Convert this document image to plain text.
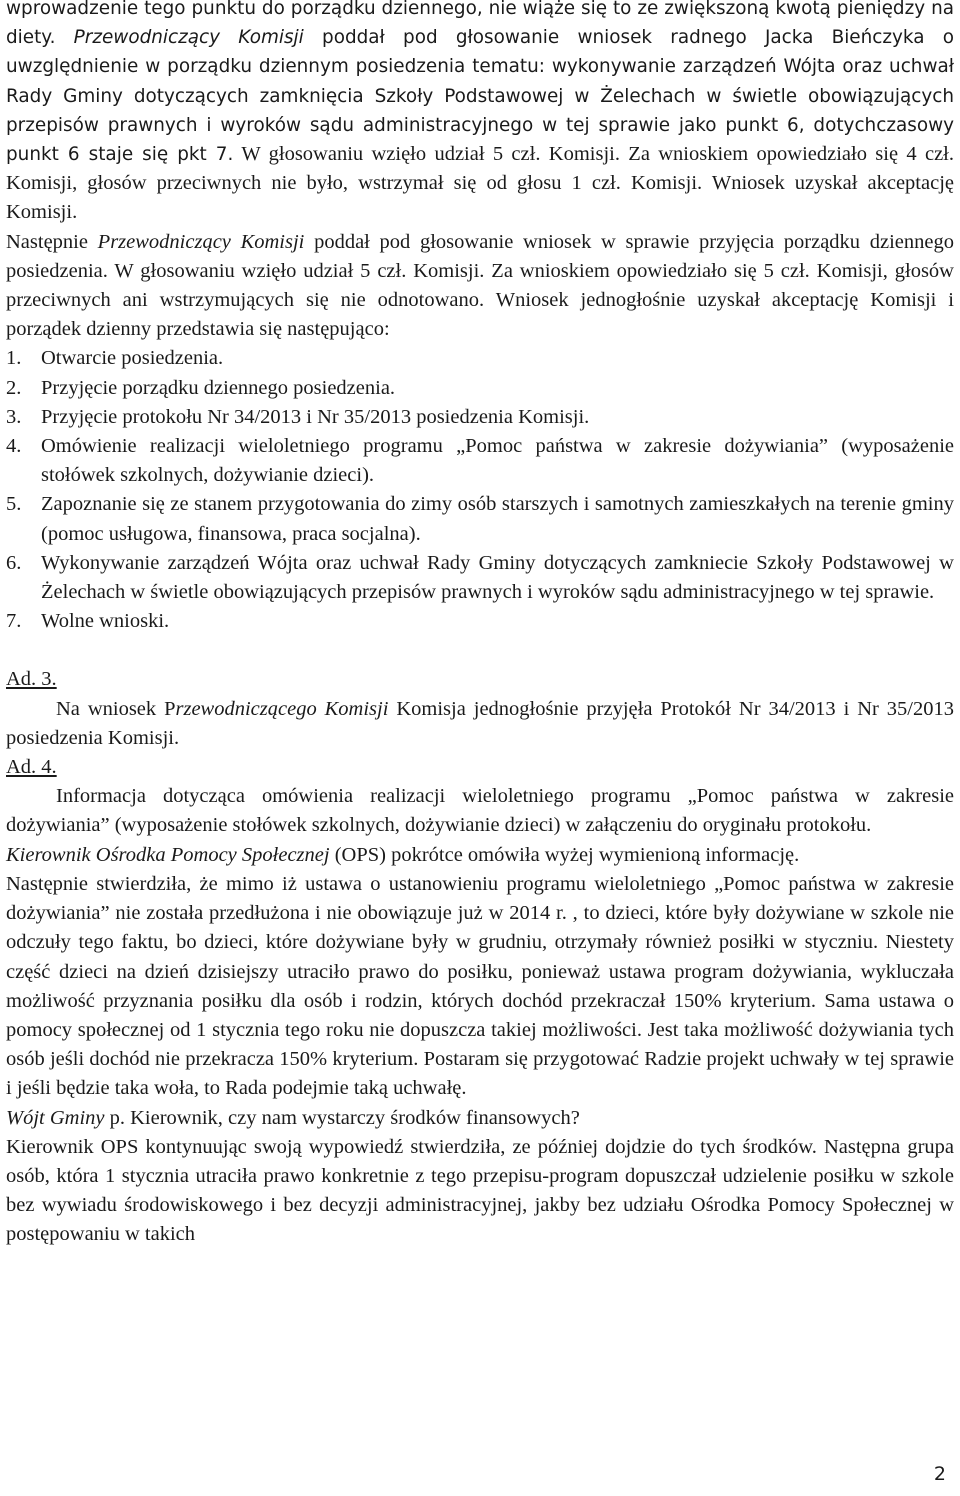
wprowadzenie tego punktu do porządku dziennego, nie wiąże się to ze zwiększoną kwotą pieniędzy na diety. Przewodniczący Komisji poddał pod głosowanie wniosek radnego Jacka Bieńczyka o uwzględnienie w porządku dziennym posiedzenia tematu: wykonywanie zarządzeń Wójta oraz uchwał Rady Gminy dotyczących zamknięcia Szkoły Podstawowej w Żelechach w świetle obowiązujących przepisów prawnych i wyroków sądu administracyjnego w tej sprawie jako punkt 6, dotychczasowy punkt 6 staje się pkt 7. W głosowaniu wzięło udział 5 czł. Komisji. Za wnioskiem opowiedziało się 4 czł. Komisji, głosów przeciwnych nie było, wstrzymał się od głosu 1 czł. Komisji. Wniosek uzyskał akceptację Komisji.

Następnie Przewodniczący Komisji poddał pod głosowanie wniosek w sprawie przyjęcia porządku dziennego posiedzenia. W głosowaniu wzięło udział 5 czł. Komisji. Za wnioskiem opowiedziało się 5 czł. Komisji, głosów przeciwnych ani wstrzymujących się nie odnotowano. Wniosek jednogłośnie uzyskał akceptację Komisji i porządek dzienny przedstawia się następująco:

1. Otwarcie posiedzenia.
2. Przyjęcie porządku dziennego posiedzenia.
3. Przyjęcie protokołu Nr 34/2013 i Nr 35/2013 posiedzenia Komisji.
4. Omówienie realizacji wieloletniego programu „Pomoc państwa w zakresie dożywiania” (wyposażenie stołówek szkolnych, dożywianie dzieci).
5. Zapoznanie się ze stanem przygotowania do zimy osób starszych i samotnych zamieszkałych na terenie gminy (pomoc usługowa, finansowa, praca socjalna).
6. Wykonywanie zarządzeń Wójta oraz uchwał Rady Gminy dotyczących zamkniecie Szkoły Podstawowej w Żelechach w świetle obowiązujących przepisów prawnych i wyroków sądu administracyjnego w tej sprawie.
7. Wolne wnioski.

Ad. 3.

Na wniosek Przewodniczącego Komisji Komisja jednogłośnie przyjęła Protokół Nr 34/2013 i Nr 35/2013 posiedzenia Komisji.

Ad. 4.

Informacja dotycząca omówienia realizacji wieloletniego programu „Pomoc państwa w zakresie dożywiania” (wyposażenie stołówek szkolnych, dożywianie dzieci) w załączeniu do oryginału protokołu.

Kierownik Ośrodka Pomocy Społecznej (OPS) pokrótce omówiła wyżej wymienioną informację.

Następnie stwierdziła, że mimo iż ustawa o ustanowieniu programu wieloletniego „Pomoc państwa w zakresie dożywiania” nie została przedłużona i nie obowiązuje już w 2014 r. , to dzieci, które były dożywiane w szkole nie odczuły tego faktu, bo dzieci, które dożywiane były w grudniu, otrzymały również posiłki w styczniu. Niestety część dzieci na dzień dzisiejszy utraciło prawo do posiłku, ponieważ ustawa program dożywiania, wykluczała możliwość przyznania posiłku dla osób i rodzin, których dochód przekraczał 150% kryterium. Sama ustawa o pomocy społecznej od 1 stycznia tego roku nie dopuszcza takiej możliwości. Jest taka możliwość dożywiania tych osób jeśli dochód nie przekracza 150% kryterium. Postaram się przygotować Radzie projekt uchwały w tej sprawie i jeśli będzie taka woła, to Rada podejmie taką uchwałę.

Wójt Gminy p. Kierownik, czy nam wystarczy środków finansowych?

Kierownik OPS kontynuując swoją wypowiedź stwierdziła, ze później dojdzie do tych środków. Następna grupa osób, która 1 stycznia utraciła prawo konkretnie z tego przepisu-program dopuszczał udzielenie posiłku w szkole bez wywiadu środowiskowego i bez decyzji administracyjnej, jakby bez udziału Ośrodka Pomocy Społecznej w postępowaniu w takich

2
